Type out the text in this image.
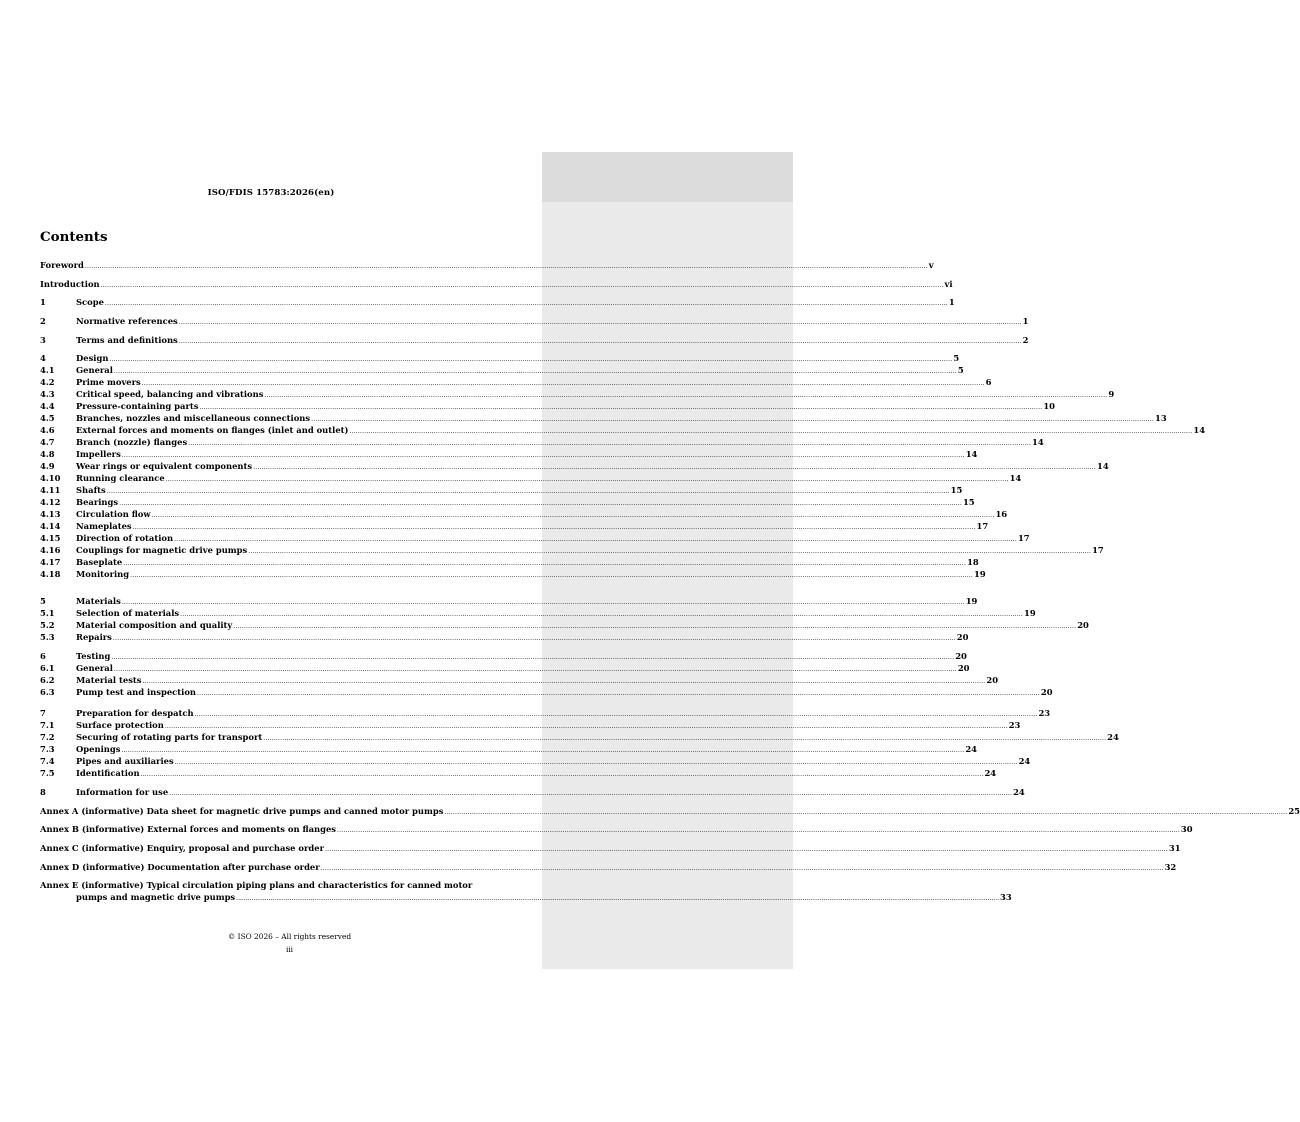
ISO/FDIS 15783:2026(en)
Contents
Foreword ................................................................................................................................................................................................................................................................................................................................................................................................................ v
Introduction ................................................................................................................................................................................................................................................................................................................................................................................................................ vi
1	Scope ................................................................................................................................................................................................................................................................................................................................................................................................................ 1
2	Normative references ................................................................................................................................................................................................................................................................................................................................................................................................................ 1
3	Terms and definitions ................................................................................................................................................................................................................................................................................................................................................................................................................ 2
4	Design ................................................................................................................................................................................................................................................................................................................................................................................................................ 5
4.1	General ................................................................................................................................................................................................................................................................................................................................................................................................................ 5
4.2	Prime movers ................................................................................................................................................................................................................................................................................................................................................................................................................ 6
4.3	Critical speed, balancing and vibrations ................................................................................................................................................................................................................................................................................................................................................................................................................ 9
4.4	Pressure-containing parts ................................................................................................................................................................................................................................................................................................................................................................................................................ 10
4.5	Branches, nozzles and miscellaneous connections ................................................................................................................................................................................................................................................................................................................................................................................................................ 13
4.6	External forces and moments on flanges (inlet and outlet) ................................................................................................................................................................................................................................................................................................................................................................................................................ 14
4.7	Branch (nozzle) flanges ................................................................................................................................................................................................................................................................................................................................................................................................................ 14
4.8	Impellers ................................................................................................................................................................................................................................................................................................................................................................................................................ 14
4.9	Wear rings or equivalent components ................................................................................................................................................................................................................................................................................................................................................................................................................ 14
4.10 Running clearance ................................................................................................................................................................................................................................................................................................................................................................................................................ 14
4.11 Shafts ................................................................................................................................................................................................................................................................................................................................................................................................................ 15
4.12 Bearings ................................................................................................................................................................................................................................................................................................................................................................................................................ 15
4.13 Circulation flow ................................................................................................................................................................................................................................................................................................................................................................................................................ 16
4.14 Nameplates ................................................................................................................................................................................................................................................................................................................................................................................................................ 17
4.15 Direction of rotation ................................................................................................................................................................................................................................................................................................................................................................................................................ 17
4.16 Couplings for magnetic drive pumps ................................................................................................................................................................................................................................................................................................................................................................................................................ 17
4.17 Baseplate ................................................................................................................................................................................................................................................................................................................................................................................................................ 18
4.18 Monitoring ................................................................................................................................................................................................................................................................................................................................................................................................................ 19
5	Materials ................................................................................................................................................................................................................................................................................................................................................................................................................ 19
5.1	Selection of materials ................................................................................................................................................................................................................................................................................................................................................................................................................ 19
5.2	Material composition and quality ................................................................................................................................................................................................................................................................................................................................................................................................................ 20
5.3	Repairs ................................................................................................................................................................................................................................................................................................................................................................................................................ 20
6	Testing ................................................................................................................................................................................................................................................................................................................................................................................................................ 20
6.1	General ................................................................................................................................................................................................................................................................................................................................................................................................................ 20
6.2	Material tests ................................................................................................................................................................................................................................................................................................................................................................................................................ 20
6.3	Pump test and inspection ................................................................................................................................................................................................................................................................................................................................................................................................................ 20
7	Preparation for despatch ................................................................................................................................................................................................................................................................................................................................................................................................................ 23
7.1	Surface protection ................................................................................................................................................................................................................................................................................................................................................................................................................ 23
7.2	Securing of rotating parts for transport ................................................................................................................................................................................................................................................................................................................................................................................................................ 24
7.3	Openings ................................................................................................................................................................................................................................................................................................................................................................................................................ 24
7.4	Pipes and auxiliaries ................................................................................................................................................................................................................................................................................................................................................................................................................ 24
7.5	Identification ................................................................................................................................................................................................................................................................................................................................................................................................................ 24
8	Information for use ................................................................................................................................................................................................................................................................................................................................................................................................................ 24
Annex A (informative) Data sheet for magnetic drive pumps and canned motor pumps ................................................................................................................................................................................................................................................................................................................................................................................................................ 25
Annex B (informative) External forces and moments on flanges ................................................................................................................................................................................................................................................................................................................................................................................................................ 30
Annex C (informative) Enquiry, proposal and purchase order ................................................................................................................................................................................................................................................................................................................................................................................................................ 31
Annex D (informative) Documentation after purchase order ................................................................................................................................................................................................................................................................................................................................................................................................................ 32
Annex E (informative) Typical circulation piping plans and characteristics for canned motor
pumps and magnetic drive pumps ................................................................................................................................................................................................................................................................................................................................................................................................................ 33
© ISO 2026 – All rights reserved
iii
